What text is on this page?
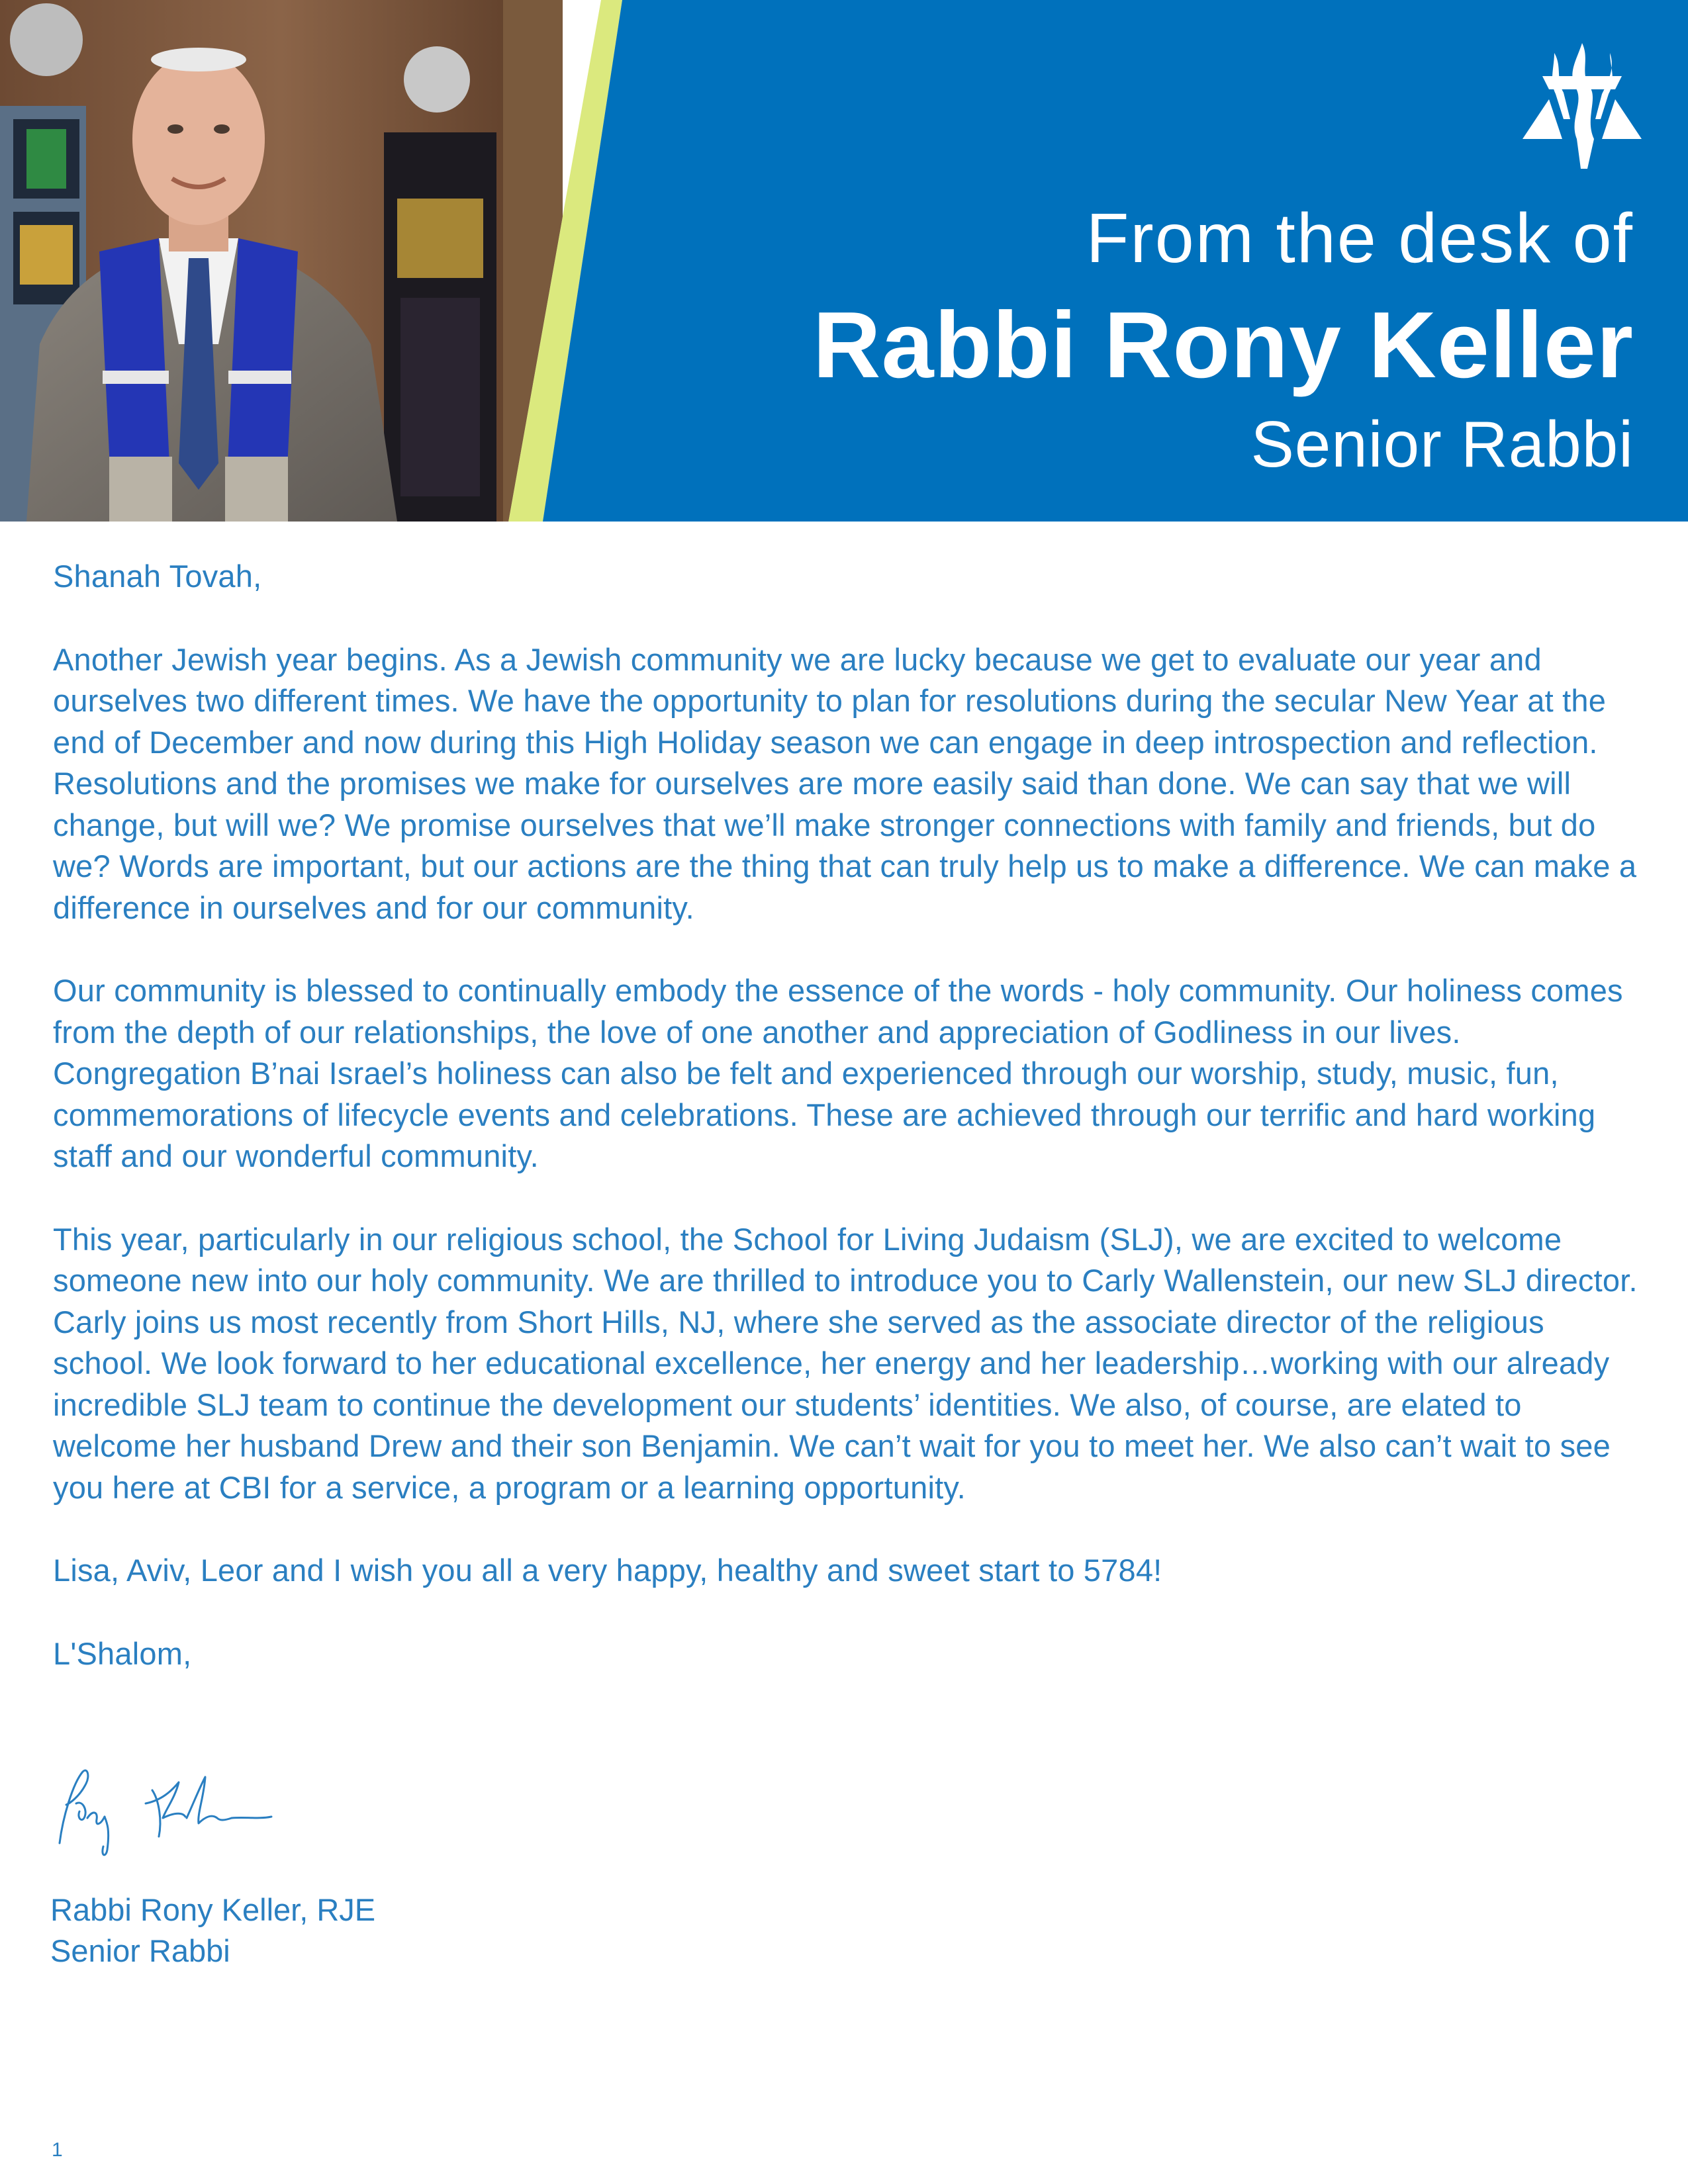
From the desk of
Rabbi Rony Keller
Senior Rabbi

Shanah Tovah,

Another Jewish year begins. As a Jewish community we are lucky because we get to evaluate our year and ourselves two different times. We have the opportunity to plan for resolutions during the secular New Year at the end of December and now during this High Holiday season we can engage in deep introspection and reflection. Resolutions and the promises we make for ourselves are more easily said than done. We can say that we will change, but will we? We promise ourselves that we’ll make stronger connections with family and friends, but do we? Words are important, but our actions are the thing that can truly help us to make a difference. We can make a difference in ourselves and for our community.

Our community is blessed to continually embody the essence of the words - holy community. Our holiness comes from the depth of our relationships, the love of one another and appreciation of Godliness in our lives. Congregation B’nai Israel’s holiness can also be felt and experienced through our worship, study, music, fun, commemorations of lifecycle events and celebrations. These are achieved through our terrific and hard working staff and our wonderful community.

This year, particularly in our religious school, the School for Living Judaism (SLJ), we are excited to welcome someone new into our holy community. We are thrilled to introduce you to Carly Wallenstein, our new SLJ director. Carly joins us most recently from Short Hills, NJ, where she served as the associate director of the religious school. We look forward to her educational excellence, her energy and her leadership…working with our already incredible SLJ team to continue the development our students’ identities. We also, of course, are elated to welcome her husband Drew and their son Benjamin. We can’t wait for you to meet her. We also can’t wait to see you here at CBI for a service, a program or a learning opportunity.

Lisa, Aviv, Leor and I wish you all a very happy, healthy and sweet start to 5784!

L'Shalom,

Rabbi Rony Keller, RJE
Senior Rabbi
1
